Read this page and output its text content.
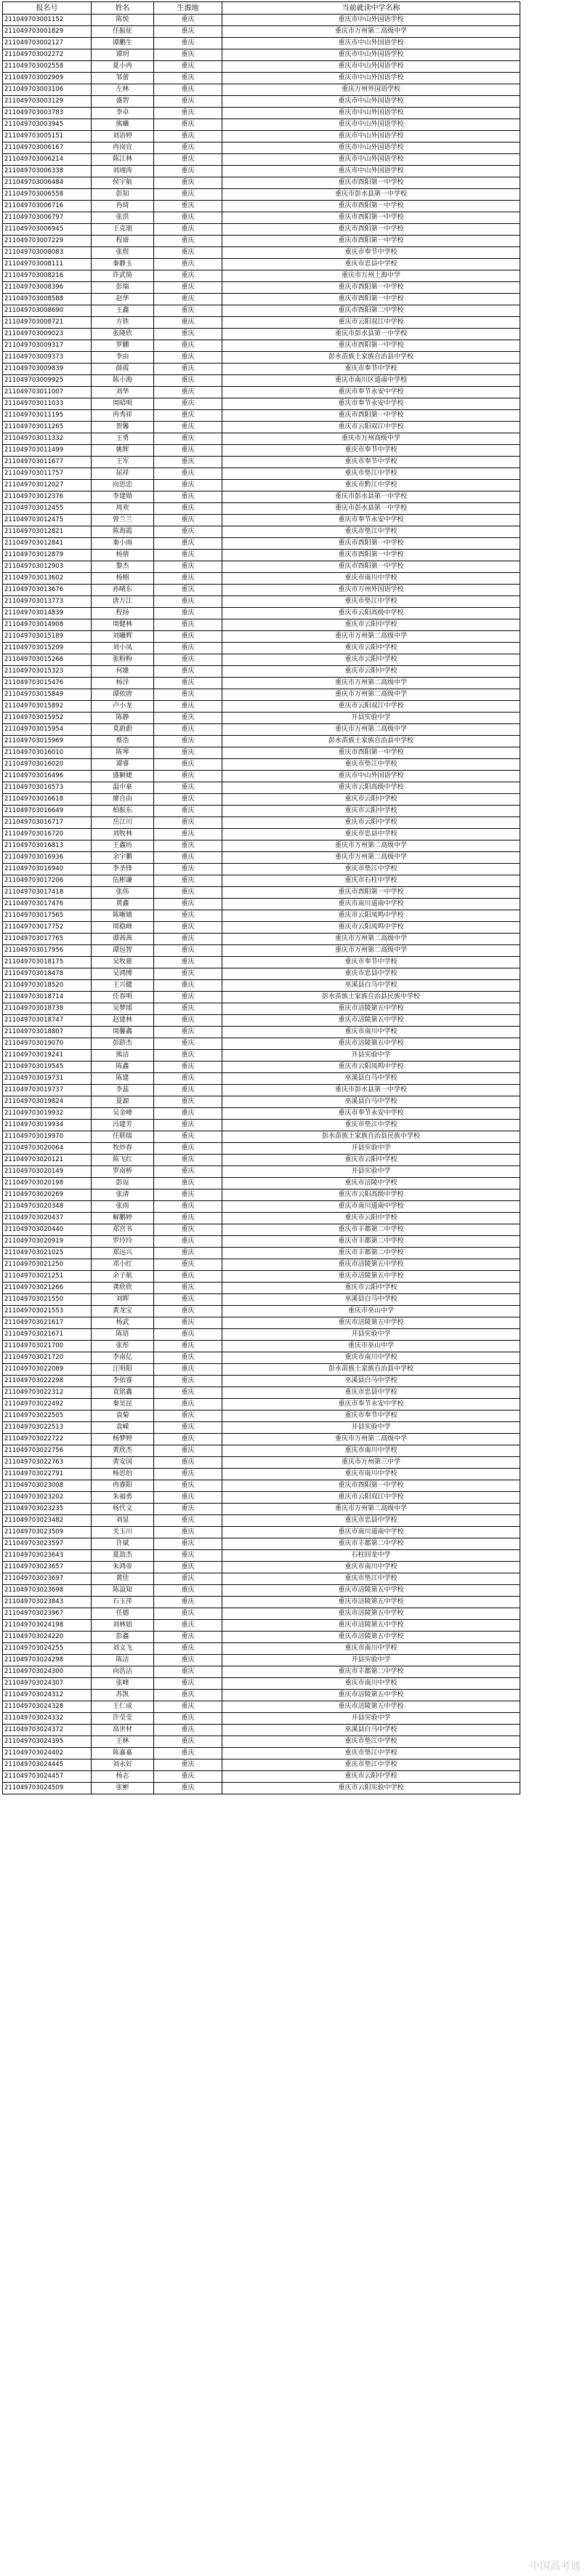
报名号	姓名	生源地	当前就读中学名称
211049703001152	陈悦	重庆	重庆市中山外国语学校
211049703001829	任振征	重庆	重庆市万州第二高级中学
211049703002127	谭鹏生	重庆	重庆市中山外国语学校
211049703002272	谭玥	重庆	重庆市中山外国语学校
211049703002558	夏小冉	重庆	重庆市中山外国语学校
211049703002909	邹蕾	重庆	重庆市中山外国语学校
211049703003106	左林	重庆	重庆万州外国语学校
211049703003129	盛智	重庆	重庆市中山外国语学校
211049703003783	李卓	重庆	重庆市中山外国语学校
211049703003945	熊曦	重庆	重庆市中山外国语学校
211049703005151	刘语婷	重庆	重庆市中山外国语学校
211049703006167	冉岗宜	重庆	重庆市中山外国语学校
211049703006214	陈江林	重庆	重庆市中山外国语学校
211049703006338	刘翊涛	重庆	重庆市中山外国语学校
211049703006484	侯宇航	重庆	重庆市酉阳第一中学校
211049703006558	彭知	重庆	重庆市彭水县第一中学校
211049703006716	冉琦	重庆	重庆市酉阳第一中学校
211049703006797	张洪	重庆	重庆市酉阳第一中学校
211049703006945	王克朋	重庆	重庆市酉阳第一中学校
211049703007229	程谛	重庆	重庆市酉阳第一中学校
211049703008083	张煜	重庆	重庆市奉节中学校
211049703008111	秦静玉	重庆	重庆市忠县中学校
211049703008216	许武简	重庆	重庆市万州上海中学
211049703008396	彭瑞	重庆	重庆市酉阳第一中学校
211049703008588	赵华	重庆	重庆市酉阳第一中学校
211049703008690	王鑫	重庆	重庆市酉阳第二中学校
211049703008721	方铁	重庆	重庆市云阳双江中学校
211049703009023	张隆欣	重庆	重庆市彭水县第一中学校
211049703009317	罗鹏	重庆	重庆市酉阳第一中学校
211049703009373	李由	重庆	彭水苗族土家族自治县中学校
211049703009839	薛霞	重庆	重庆市奉节中学校
211049703009925	陈小海	重庆	重庆市南川区道南中学校
211049703011007	刘华	重庆	重庆市奉节永安中学校
211049703011033	周昭明	重庆	重庆市奉节永安中学校
211049703011195	冉秀祥	重庆	重庆市酉阳第一中学校
211049703011265	贺馨	重庆	重庆市云阳双江中学校
211049703011332	王勇	重庆	重庆市万州高级中学
211049703011499	姚辉	重庆	重庆市奉节中学校
211049703011677	王军	重庆	重庆市奉节中学校
211049703011757	屈祥	重庆	重庆市垫江中学校
211049703012027	向思忠	重庆	重庆市黔江中学校
211049703012376	李建勋	重庆	重庆市彭水县第一中学校
211049703012455	周欢	重庆	重庆市彭水县第一中学校
211049703012475	曾兰兰	重庆	重庆市奉节永安中学校
211049703012821	陈海霞	重庆	重庆市垫江中学校
211049703012841	秦小雨	重庆	重庆市酉阳第一中学校
211049703012879	杨倩	重庆	重庆市酉阳第一中学校
211049703012903	黎杰	重庆	重庆市酉阳第一中学校
211049703013602	杨栩	重庆	重庆市南川中学校
211049703013676	孙晴东	重庆	重庆市万州外国语学校
211049703013773	唐万江	重庆	重庆市垫江中学校
211049703014839	程扬	重庆	重庆市云阳高级中学校
211049703014908	周健林	重庆	重庆市云阳中学校
211049703015189	刘曦辉	重庆	重庆市万州第二高级中学
211049703015209	刘小凤	重庆	重庆市云阳中学校
211049703015266	张粉粉	重庆	重庆市云阳中学校
211049703015323	何雄	重庆	重庆市云阳中学校
211049703015476	杨洋	重庆	重庆市万州第二高级中学
211049703015849	谭依唐	重庆	重庆市万州第二高级中学
211049703015892	卢小龙	重庆	重庆市云阳双江中学校
211049703015952	陈静	重庆	开县实验中学
211049703015954	莫蔚蔚	重庆	重庆市万州第二高级中学
211049703015969	蔡浩	重庆	彭水苗族土家族自治县中学校
211049703016010	陈琴	重庆	重庆市酉阳第一中学校
211049703016020	谭睿	重庆	重庆市垫江中学校
211049703016496	盛颖婕	重庆	重庆市中山外国语学校
211049703016573	温中豪	重庆	重庆市云阳高级中学校
211049703016618	廖自由	重庆	重庆市云阳中学校
211049703016649	柏振东	重庆	重庆市云阳中学校
211049703016717	岳江川	重庆	重庆市云阳中学校
211049703016720	刘牧林	重庆	重庆市忠县中学校
211049703016813	王鑫坊	重庆	重庆市万州第二高级中学
211049703016936	余宇鹏	重庆	重庆市万州第二高级中学
211049703016940	李圣锋	重庆	重庆市垫江中学校
211049703017206	伍彬谦	重庆	重庆市石柱中学校
211049703017418	张伟	重庆	重庆市酉阳第一中学校
211049703017476	黄鑫	重庆	重庆市南川道南中学校
211049703017565	陈晰婧	重庆	重庆市云阳凤鸣中学校
211049703017752	周稳峰	重庆	重庆市云阳凤鸣中学校
211049703017765	谭茜茜	重庆	重庆市万州第二高级中学
211049703017956	谭包智	重庆	重庆市万州第二高级中学
211049703018175	吴牧慈	重庆	重庆市奉节中学校
211049703018478	吴鸿博	重庆	重庆市忠县中学校
211049703018520	王兴健	重庆	巫溪县白马中学校
211049703018714	任春明	重庆	彭水苗族土家族自治县民族中学校
211049703018738	吴梦瑶	重庆	重庆市涪陵第五中学校
211049703018747	赵建林	重庆	重庆市涪陵第五中学校
211049703018807	周馨鑫	重庆	重庆市南川中学校
211049703019070	彭跻杰	重庆	重庆市涪陵第五中学校
211049703019241	熊洁	重庆	开县实验中学
211049703019545	陈鑫	重庆	重庆市云阳凤鸣中学校
211049703019731	陈建	重庆	巫溪县白马中学校
211049703019737	李蕊	重庆	重庆市彭水县第一中学校
211049703019824	夏源	重庆	巫溪县白马中学校
211049703019932	吴金峰	重庆	重庆市奉节永安中学校
211049703019934	冯建芳	重庆	重庆市垫江中学校
211049703019970	任联瑞	重庆	彭水苗族土家族自治县民族中学校
211049703020064	牧炒春	重庆	开县实验中学
211049703020121	陈飞红	重庆	重庆市云阳中学校
211049703020149	罗南桥	重庆	开县实验中学
211049703020198	彭逗	重庆	重庆市涪陵中学校
211049703020269	张清	重庆	重庆市云阳高级中学校
211049703020348	张雨	重庆	重庆市南川道南中学校
211049703020437	解鹏婷	重庆	重庆市云阳中学校
211049703020440	郑宫书	重庆	重庆市丰都第二中学校
211049703020919	罗玲玲	重庆	重庆市丰都第二中学校
211049703021025	郑远兴	重庆	重庆市丰都第二中学校
211049703021250	邓小红	重庆	重庆市涪陵第五中学校
211049703021251	余子航	重庆	重庆市涪陵第五中学校
211049703021266	龚欣欣	重庆	重庆市云阳中学校
211049703021550	刘晖	重庆	巫溪县白马中学校
211049703021553	黄龙宝	重庆	重庆市巫山中学
211049703021617	杨武	重庆	重庆市涪陵第五中学校
211049703021671	陈语	重庆	开县实验中学
211049703021700	张彤	重庆	重庆市巫山中学
211049703021720	李南亿	重庆	重庆市南川中学校
211049703022089	汪明阳	重庆	彭水苗族土家族自治县中学校
211049703022298	李依睿	重庆	巫溪县白马中学校
211049703022312	袁铭鑫	重庆	重庆市忠县中学校
211049703022492	秦昊昆	重庆	重庆市奉节永安中学校
211049703022505	袁菊	重庆	重庆市奉节中学校
211049703022513	袁嵘	重庆	开县实验中学
211049703022722	杨梦婷	重庆	重庆市万州第二高级中学
211049703022756	黄欣杰	重庆	重庆市南川中学校
211049703022763	黄安国	重庆	重庆市万州第三中学
211049703022791	杨思伯	重庆	重庆市南川中学校
211049703023008	冉睿阳	重庆	重庆市酉阳第一中学校
211049703023202	朱福勇	重庆	重庆市云阳双江中学校
211049703023235	杨代文	重庆	重庆市万州第二高级中学
211049703023482	刘显	重庆	重庆市忠县中学校
211049703023509	关玉川	重庆	重庆市南川道南中学校
211049703023597	许斌	重庆	重庆市丰都第二中学校
211049703023643	夏劼杰	重庆	石柱回龙中学
211049703023657	朱鸿帝	重庆	重庆市南川中学校
211049703023697	黄佳	重庆	重庆市垫江中学校
211049703023698	陈溢知	重庆	重庆市涪陵第五中学校
211049703023843	石玉萍	重庆	重庆市涪陵第五中学校
211049703023967	任德	重庆	重庆市涪陵第五中学校
211049703024198	刘林妞	重庆	重庆市涪陵第五中学校
211049703024220	彭鑫	重庆	重庆市涪陵第五中学校
211049703024255	刘文飞	重庆	重庆市南川中学校
211049703024298	陈洁	重庆	开县实验中学
211049703024300	向浩洁	重庆	重庆市丰都第二中学校
211049703024307	张峰	重庆	重庆市南川中学校
211049703024312	苏凯	重庆	重庆市涪陵第五中学校
211049703024328	王仁成	重庆	重庆市涪陵第五中学校
211049703024332	许莹莹	重庆	开县实验中学
211049703024372	高世材	重庆	巫溪县白马中学校
211049703024395	王林	重庆	重庆市垫江中学校
211049703024402	陈嘉嘉	重庆	重庆市垫江中学校
211049703024445	刘永好	重庆	重庆市垫江中学校
211049703024457	杨志	重庆	重庆市云阳中学校
211049703024509	张彬	重庆	重庆市云阳实验中学校
中国高考通
